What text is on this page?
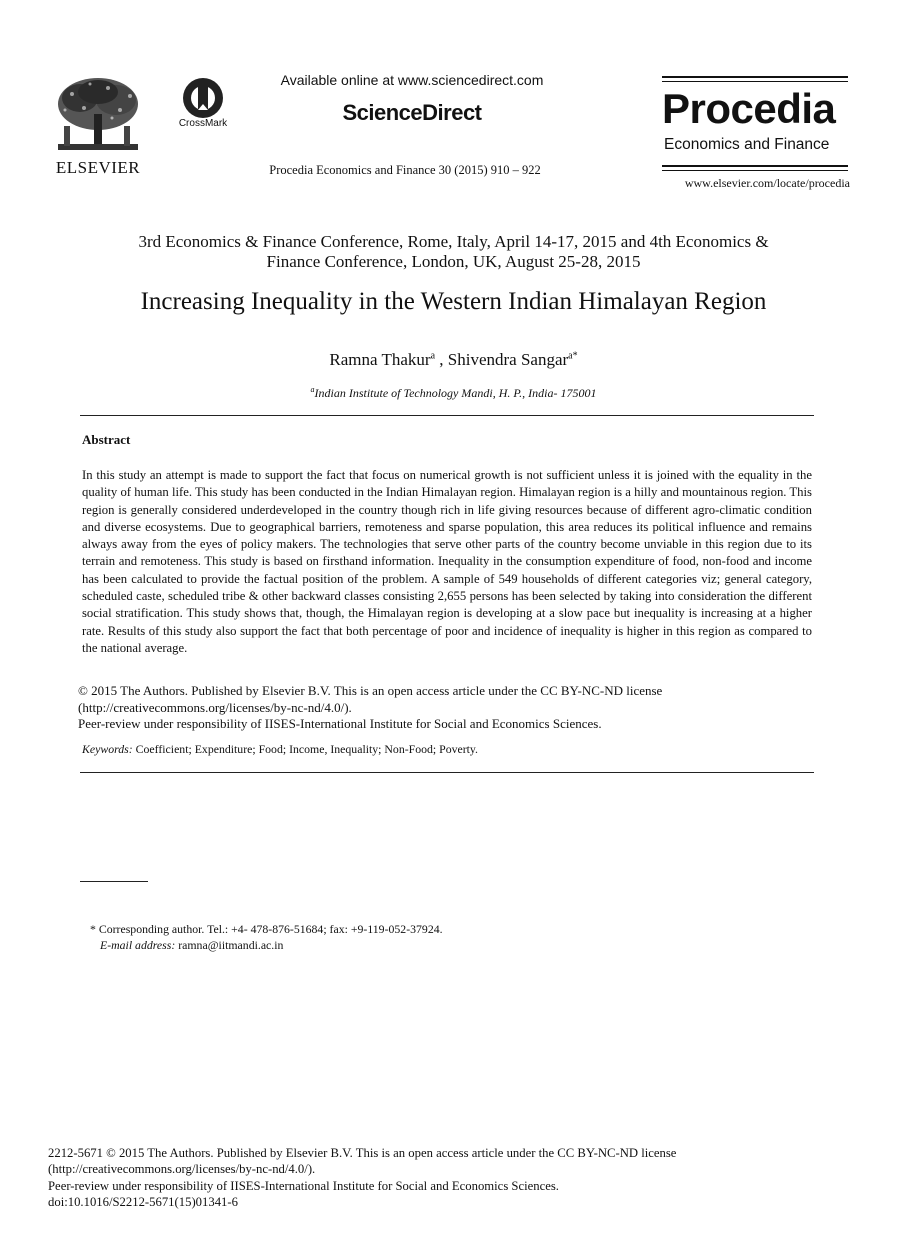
ELSEVIER
CrossMark
Available online at www.sciencedirect.com
ScienceDirect
Procedia Economics and Finance 30 (2015) 910 – 922
Procedia
Economics and Finance
www.elsevier.com/locate/procedia
3rd Economics & Finance Conference, Rome, Italy, April 14-17, 2015 and 4th Economics &
Finance Conference, London, UK, August 25-28, 2015
Increasing Inequality in the Western Indian Himalayan Region
Ramna Thakur$^a$ , Shivendra Sangar$^{a*}$
$^a$Indian Institute of Technology Mandi, H. P., India- 175001
Abstract
In this study an attempt is made to support the fact that focus on numerical growth is not sufficient unless it is joined with the equality in the quality of human life. This study has been conducted in the Indian Himalayan region. Himalayan region is a hilly and mountainous region. This region is generally considered underdeveloped in the country though rich in life giving resources because of different agro-climatic condition and diverse ecosystems. Due to geographical barriers, remoteness and sparse population, this area reduces its political influence and remains always away from the eyes of policy makers. The technologies that serve other parts of the country become unviable in this region due to its terrain and remoteness. This study is based on firsthand information. Inequality in the consumption expenditure of food, non-food and income has been calculated to provide the factual position of the problem. A sample of 549 households of different categories viz; general category, scheduled caste, scheduled tribe & other backward classes consisting 2,655 persons has been selected by taking into consideration the different social stratification. This study shows that, though, the Himalayan region is developing at a slow pace but inequality is increasing at a higher rate. Results of this study also support the fact that both percentage of poor and incidence of inequality is higher in this region as compared to the national average.
© 2015 The Authors. Published by Elsevier B.V. This is an open access article under the CC BY-NC-ND license
(http://creativecommons.org/licenses/by-nc-nd/4.0/).
Peer-review under responsibility of IISES-International Institute for Social and Economics Sciences.
Keywords: Coefficient; Expenditure; Food; Income, Inequality; Non-Food; Poverty.
* Corresponding author. Tel.: +4- 478-876-51684; fax: +9-119-052-37924.
E-mail address: ramna@iitmandi.ac.in
2212-5671 © 2015 The Authors. Published by Elsevier B.V. This is an open access article under the CC BY-NC-ND license
(http://creativecommons.org/licenses/by-nc-nd/4.0/).
Peer-review under responsibility of IISES-International Institute for Social and Economics Sciences.
doi:10.1016/S2212-5671(15)01341-6
